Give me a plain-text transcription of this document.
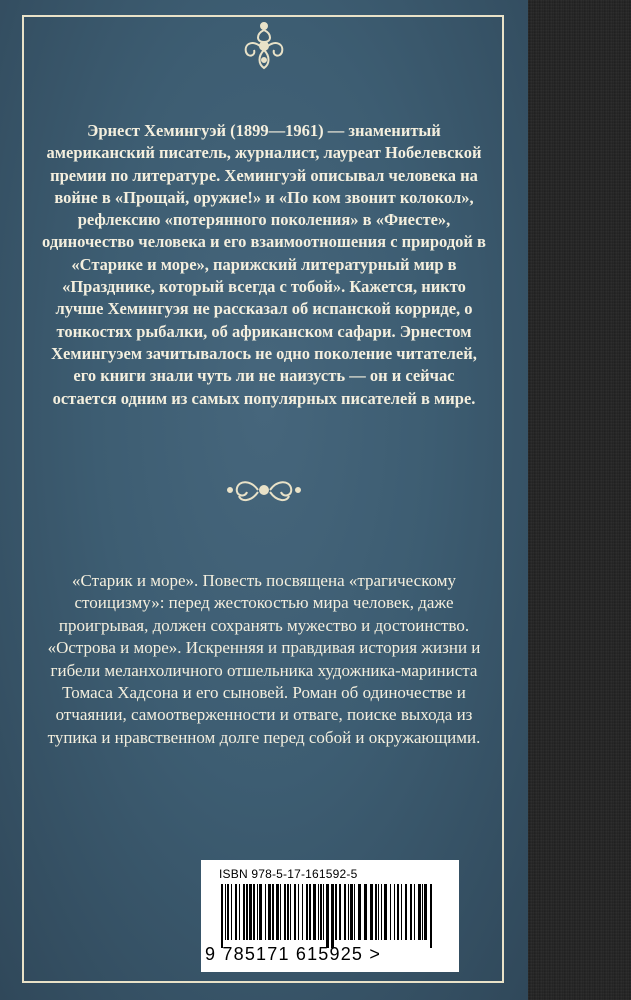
Эрнест Хемингуэй (1899—1961) — знаменитый американский писатель, журналист, лауреат Нобелевской премии по литературе. Хемингуэй описывал человека на войне в «Прощай, оружие!» и «По ком звонит колокол», рефлексию «потерянного поколения» в «Фиесте», одиночество человека и его взаимоотношения с природой в «Старике и море», парижский литературный мир в «Празднике, который всегда с тобой». Кажется, никто лучше Хемингуэя не рассказал об испанской корриде, о тонкостях рыбалки, об африканском сафари. Эрнестом Хемингуэем зачитывалось не одно поколение читателей, его книги знали чуть ли не наизусть — он и сейчас остается одним из самых популярных писателей в мире.

«Старик и море». Повесть посвящена «трагическому стоицизму»: перед жестокостью мира человек, даже проигрывая, должен сохранять мужество и достоинство.

«Острова и море». Искренняя и правдивая история жизни и гибели меланхоличного отшельника художника-мариниста Томаса Хадсона и его сыновей. Роман об одиночестве и отчаянии, самоотверженности и отваге, поиске выхода из тупика и нравственном долге перед собой и окружающими.

ISBN 978-5-17-161592-5
9 785171 615925 >
